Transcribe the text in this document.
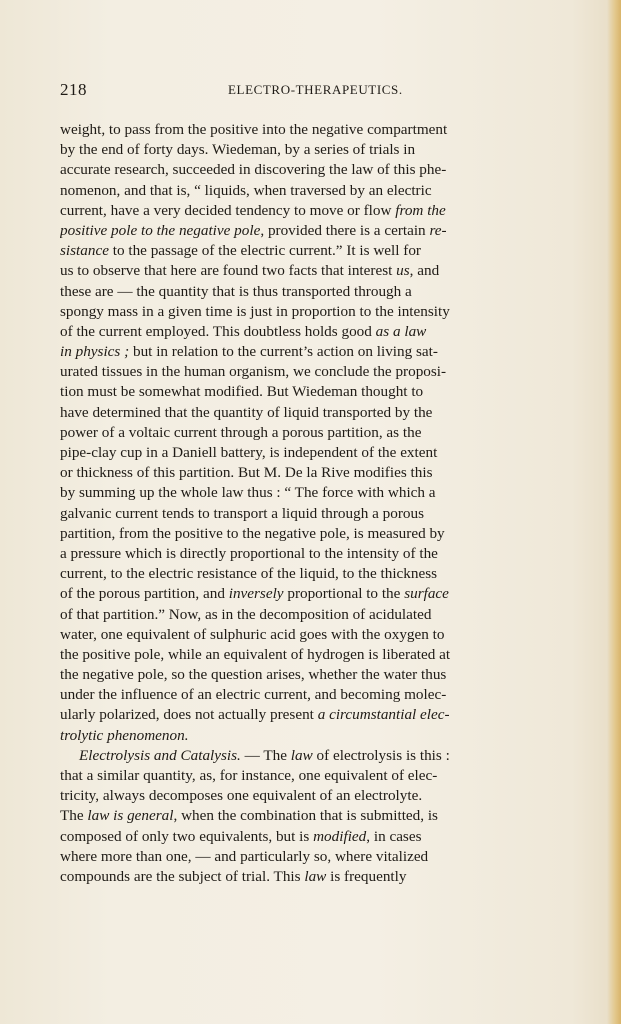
218	ELECTRO-THERAPEUTICS.
weight, to pass from the positive into the negative compartment
by the end of forty days. Wiedeman, by a series of trials in
accurate research, succeeded in discovering the law of this phe-
nomenon, and that is, “ liquids, when traversed by an electric
current, have a very decided tendency to move or flow from the
positive pole to the negative pole, provided there is a certain re-
sistance to the passage of the electric current.” It is well for
us to observe that here are found two facts that interest us, and
these are — the quantity that is thus transported through a
spongy mass in a given time is just in proportion to the intensity
of the current employed. This doubtless holds good as a law
in physics ; but in relation to the current’s action on living sat-
urated tissues in the human organism, we conclude the proposi-
tion must be somewhat modified. But Wiedeman thought to
have determined that the quantity of liquid transported by the
power of a voltaic current through a porous partition, as the
pipe-clay cup in a Daniell battery, is independent of the extent
or thickness of this partition. But M. De la Rive modifies this
by summing up the whole law thus : “ The force with which a
galvanic current tends to transport a liquid through a porous
partition, from the positive to the negative pole, is measured by
a pressure which is directly proportional to the intensity of the
current, to the electric resistance of the liquid, to the thickness
of the porous partition, and inversely proportional to the surface
of that partition.” Now, as in the decomposition of acidulated
water, one equivalent of sulphuric acid goes with the oxygen to
the positive pole, while an equivalent of hydrogen is liberated at
the negative pole, so the question arises, whether the water thus
under the influence of an electric current, and becoming molec-
ularly polarized, does not actually present a circumstantial elec-
trolytic phenomenon.
Electrolysis and Catalysis. — The law of electrolysis is this :
that a similar quantity, as, for instance, one equivalent of elec-
tricity, always decomposes one equivalent of an electrolyte.
The law is general, when the combination that is submitted, is
composed of only two equivalents, but is modified, in cases
where more than one, — and particularly so, where vitalized
compounds are the subject of trial. This law is frequently
